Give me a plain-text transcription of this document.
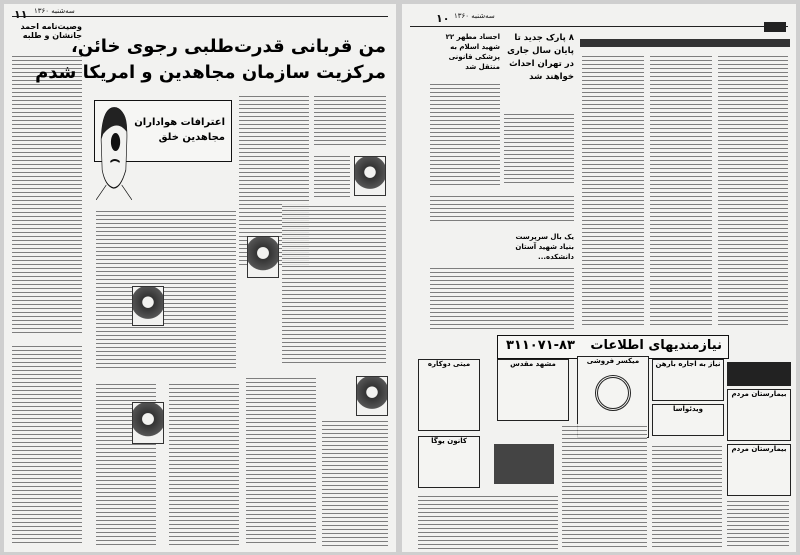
۱۱ سه‌شنبه ۱۳۶۰
وصیت‌نامه احمد جانشان و طلبه
من قربانی قدرت‌طلبی رجوی خائن،
مرکزیت سازمان مجاهدین و امریکا شدم
اعترافات هواداران
مجاهدین خلق
۱۰ سه‌شنبه ۱۳۶۰
اجساد مطهر ۲۲ شهید اسلام به پزشکی قانونی منتقل شد
۸ پارک جدید تا پایان سال جاری در تهران احداث خواهند شد
یک بال سرپرست بنیاد شهید آستان دانشکده...
نیازمندیهای اطلاعات
۳۱۱۰۷۱-۸۳
میتی دوکاره	مشهد مقدس	میکسر فروشی	نیاز به اجاره بارهن
ویدئوآسا
بیمارستان مردم
بیمارستان مردم
کانون یوگا
